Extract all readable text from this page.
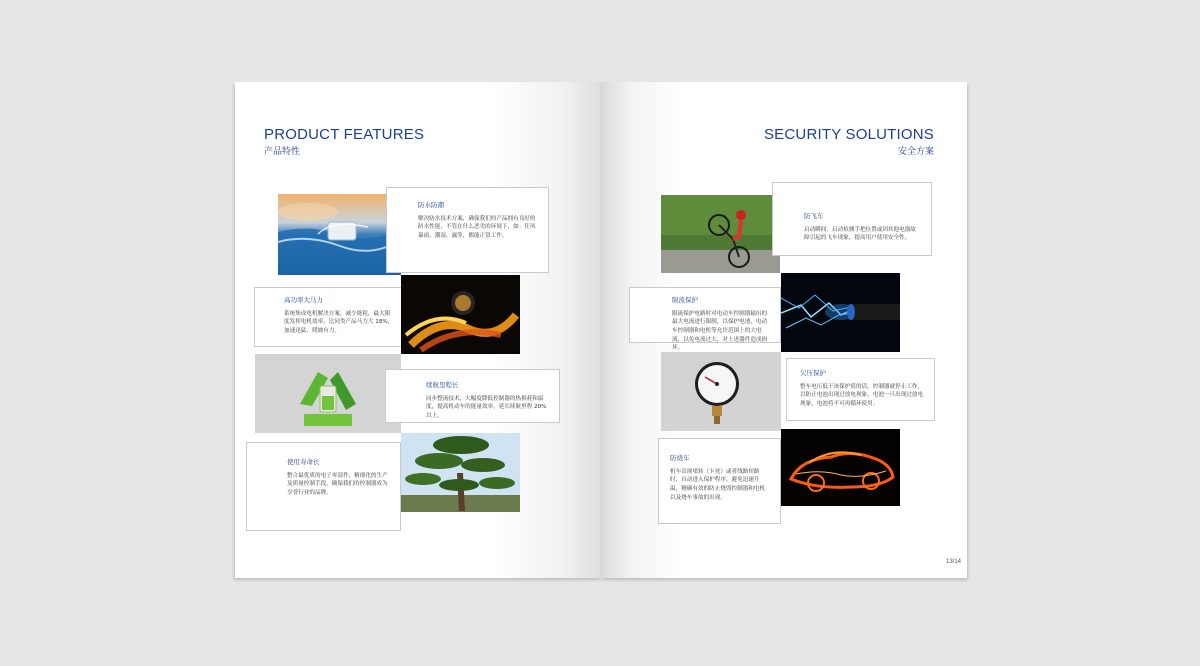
PRODUCT FEATURES
产品特性
防水防潮
解决防水技术方案，确保我们的产品拥有良好的防水性能，不管在什么恶劣的环境下，如：狂风暴雨、潮湿、露等，都能正常工作。
高功率大马力
系统集成电机解决方案，减少能耗，最大限度发挥电机效率，比同类产品马力大 18%，加速迅猛，爬坡有力。
续航里程长
同步整流技术，大幅度降低控制器的热损耗和温度，提高机动车的能量效率，延长续航里程 20% 以上。
使用寿命长
整合最优质的电子零部件，精细化的生产及质量控制手段，确保我们的控制器成为享誉行业的品牌。
SECURITY SOLUTIONS
安全方案
防飞车
启动瞬间，启动检测手把位置或因其他电器故障引起的飞车现象，提高用户使用安全性。
限流保护
限流保护电路时对电动车控制器输出的最大电流进行限制，以保护电池、电动车控制器和电机等允许范围上的大电流，以免电流过大，对上述器件造成损坏。
欠压保护
整车电压低于该保护值的话，控制器就停止工作，以防止电池出现过放电现象。电池一旦出现过放电现象，电池将不可再循环使用。
防烧车
机车出现堵转（卡死）或者线路短路时，自动进入保护程序，避免迅速升温，精确有效的防止烧毁控制器和电机以及烧车事故的出现。
13/14
